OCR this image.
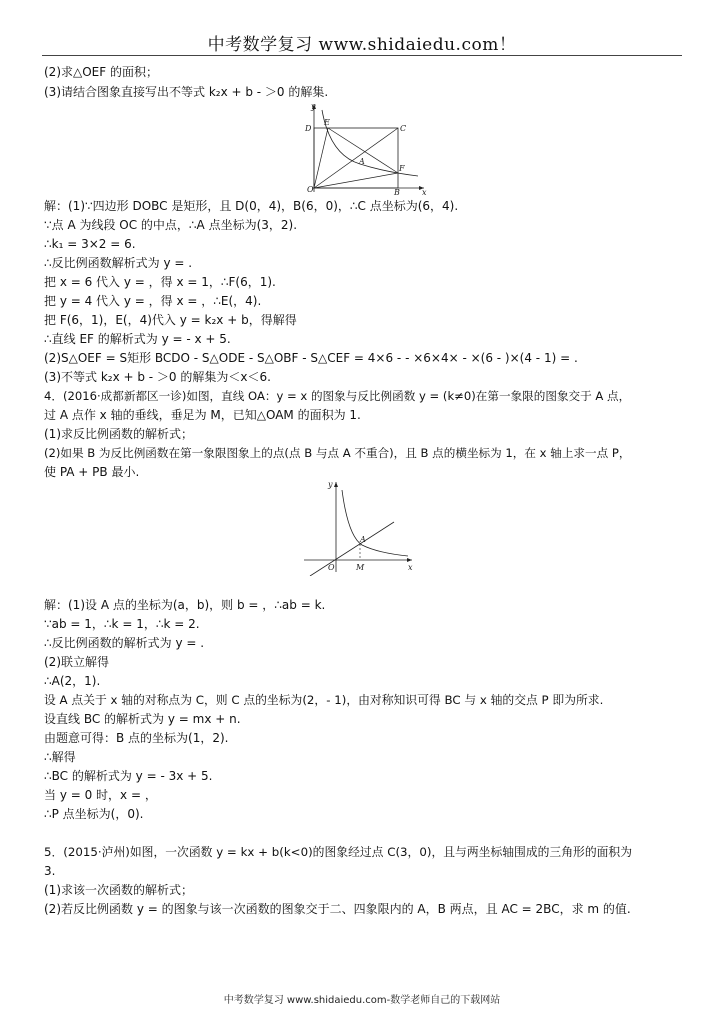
中考数学复习 www.shidaiedu.com！
(2)求△OEF 的面积；
(3)请结合图象直接写出不等式 k₂x + b - ＞0 的解集.
y
D
E
C
A
F
O	B	x
解：(1)∵四边形 DOBC 是矩形，且 D(0，4)，B(6，0)，∴C 点坐标为(6，4).
∵点 A 为线段 OC 的中点，∴A 点坐标为(3，2).
∴k₁ = 3×2 = 6.
∴反比例函数解析式为 y = .
把 x = 6 代入 y = ，得 x = 1，∴F(6，1).
把 y = 4 代入 y = ，得 x = ，∴E(，4).
把 F(6，1)，E(，4)代入 y = k₂x + b，得解得
∴直线 EF 的解析式为 y = - x + 5.
(2)S△OEF = S矩形 BCDO - S△ODE - S△OBF - S△CEF = 4×6 - - ×6×4× - ×(6 - )×(4 - 1) = .
(3)不等式 k₂x + b - ＞0 的解集为＜x＜6.
4．(2016·成都新都区一诊)如图，直线 OA：y = x 的图象与反比例函数 y = (k≠0)在第一象限的图象交于 A 点，
过 A 点作 x 轴的垂线，垂足为 M，已知△OAM 的面积为 1.
(1)求反比例函数的解析式；
(2)如果 B 为反比例函数在第一象限图象上的点(点 B 与点 A 不重合)，且 B 点的横坐标为 1，在 x 轴上求一点 P，
使 PA + PB 最小.
y
A
O	M	x
解：(1)设 A 点的坐标为(a，b)，则 b = ，∴ab = k.
∵ab = 1，∴k = 1，∴k = 2.
∴反比例函数的解析式为 y = .
(2)联立解得
∴A(2，1).
设 A 点关于 x 轴的对称点为 C，则 C 点的坐标为(2，- 1)，由对称知识可得 BC 与 x 轴的交点 P 即为所求.
设直线 BC 的解析式为 y = mx + n.
由题意可得：B 点的坐标为(1，2).
∴解得
∴BC 的解析式为 y = - 3x + 5.
当 y = 0 时，x = ，
∴P 点坐标为(，0).
5．(2015·泸州)如图，一次函数 y = kx + b(k<0)的图象经过点 C(3，0)，且与两坐标轴围成的三角形的面积为
3.
(1)求该一次函数的解析式；
(2)若反比例函数 y = 的图象与该一次函数的图象交于二、四象限内的 A，B 两点，且 AC = 2BC，求 m 的值.
中考数学复习 www.shidaiedu.com-数学老师自己的下载网站
